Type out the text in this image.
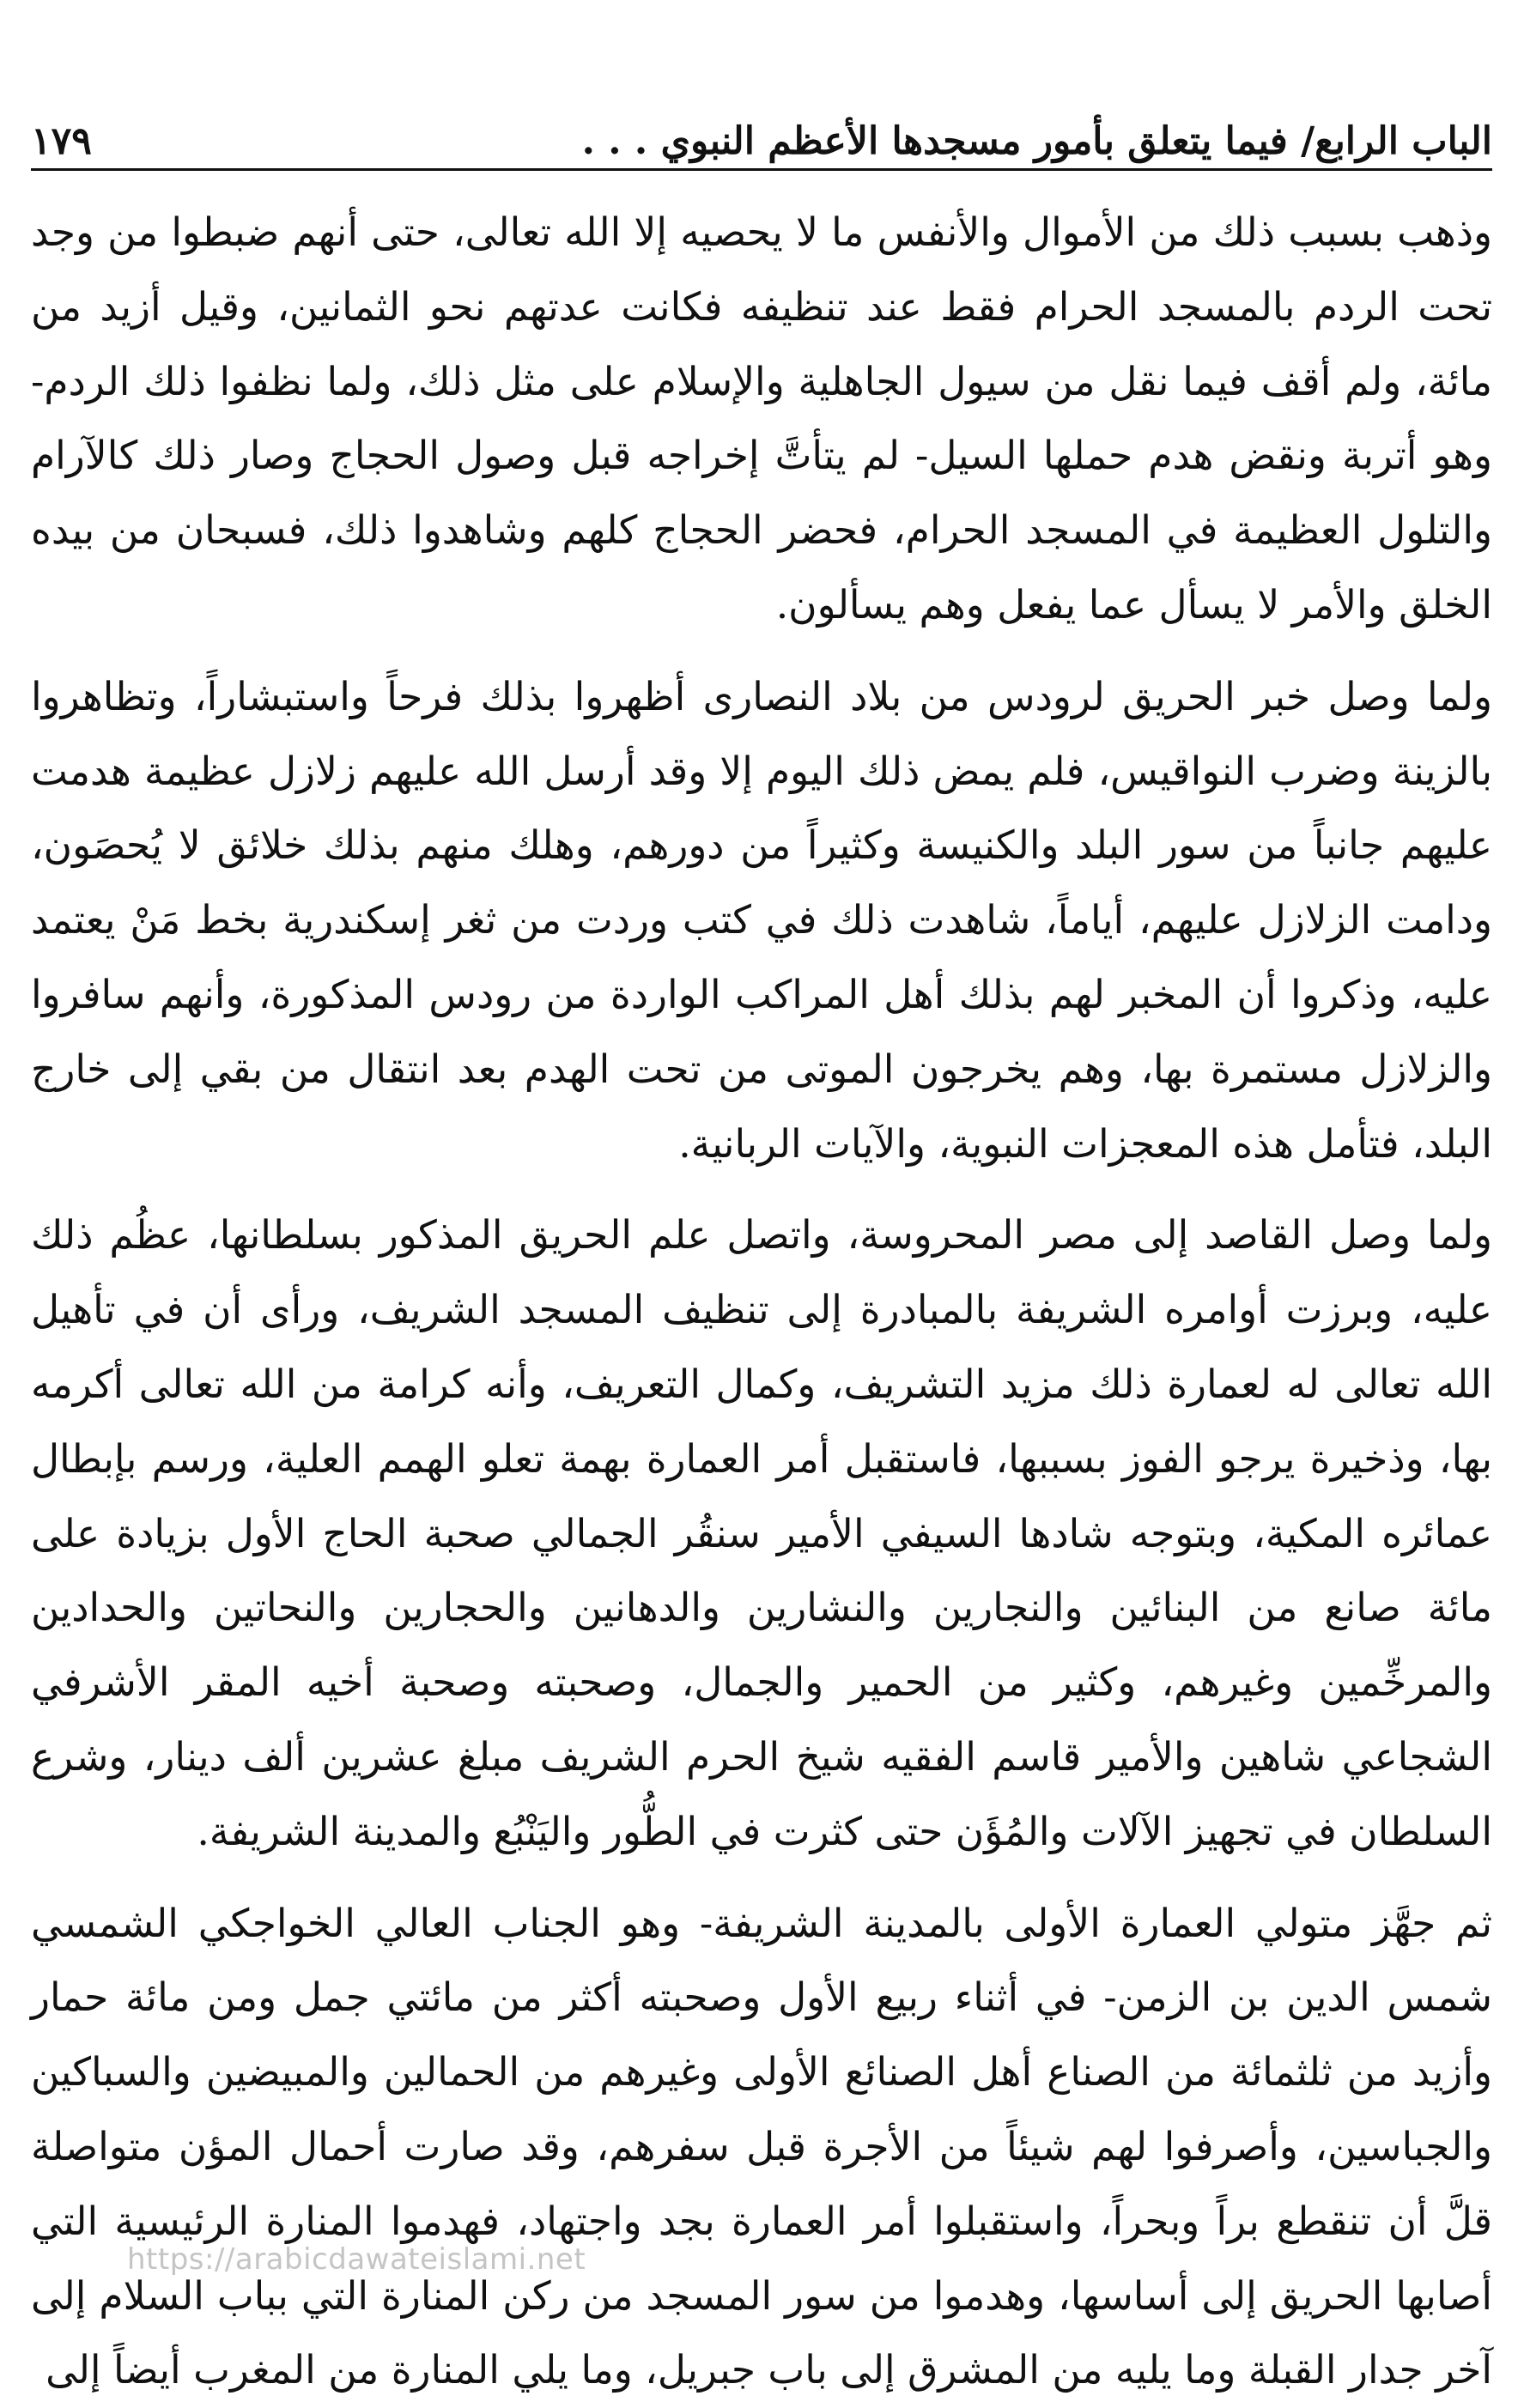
الباب الرابع/ فيما يتعلق بأمور مسجدها الأعظم النبوي . . .
١٧٩

وذهب بسبب ذلك من الأموال والأنفس ما لا يحصيه إلا الله تعالى، حتى أنهم ضبطوا من وجد تحت الردم بالمسجد الحرام فقط عند تنظيفه فكانت عدتهم نحو الثمانين، وقيل أزيد من مائة، ولم أقف فيما نقل من سيول الجاهلية والإسلام على مثل ذلك، ولما نظفوا ذلك الردم- وهو أتربة ونقض هدم حملها السيل- لم يتأتَّ إخراجه قبل وصول الحجاج وصار ذلك كالآرام والتلول العظيمة في المسجد الحرام، فحضر الحجاج كلهم وشاهدوا ذلك، فسبحان من بيده الخلق والأمر لا يسأل عما يفعل وهم يسألون.

ولما وصل خبر الحريق لرودس من بلاد النصارى أظهروا بذلك فرحاً واستبشاراً، وتظاهروا بالزينة وضرب النواقيس، فلم يمض ذلك اليوم إلا وقد أرسل الله عليهم زلازل عظيمة هدمت عليهم جانباً من سور البلد والكنيسة وكثيراً من دورهم، وهلك منهم بذلك خلائق لا يُحصَون، ودامت الزلازل عليهم، أياماً، شاهدت ذلك في كتب وردت من ثغر إسكندرية بخط مَنْ يعتمد عليه، وذكروا أن المخبر لهم بذلك أهل المراكب الواردة من رودس المذكورة، وأنهم سافروا والزلازل مستمرة بها، وهم يخرجون الموتى من تحت الهدم بعد انتقال من بقي إلى خارج البلد، فتأمل هذه المعجزات النبوية، والآيات الربانية.

ولما وصل القاصد إلى مصر المحروسة، واتصل علم الحريق المذكور بسلطانها، عظُم ذلك عليه، وبرزت أوامره الشريفة بالمبادرة إلى تنظيف المسجد الشريف، ورأى أن في تأهيل الله تعالى له لعمارة ذلك مزيد التشريف، وكمال التعريف، وأنه كرامة من الله تعالى أكرمه بها، وذخيرة يرجو الفوز بسببها، فاستقبل أمر العمارة بهمة تعلو الهمم العلية، ورسم بإبطال عمائره المكية، وبتوجه شادها السيفي الأمير سنقُر الجمالي صحبة الحاج الأول بزيادة على مائة صانع من البنائين والنجارين والنشارين والدهانين والحجارين والنحاتين والحدادين والمرخِّمين وغيرهم، وكثير من الحمير والجمال، وصحبته وصحبة أخيه المقر الأشرفي الشجاعي شاهين والأمير قاسم الفقيه شيخ الحرم الشريف مبلغ عشرين ألف دينار، وشرع السلطان في تجهيز الآلات والمُؤَن حتى كثرت في الطُّور واليَنْبُع والمدينة الشريفة.

ثم جهَّز متولي العمارة الأولى بالمدينة الشريفة- وهو الجناب العالي الخواجكي الشمسي شمس الدين بن الزمن- في أثناء ربيع الأول وصحبته أكثر من مائتي جمل ومن مائة حمار وأزيد من ثلثمائة من الصناع أهل الصنائع الأولى وغيرهم من الحمالين والمبيضين والسباكين والجباسين، وأصرفوا لهم شيئاً من الأجرة قبل سفرهم، وقد صارت أحمال المؤن متواصلة قلَّ أن تنقطع براً وبحراً، واستقبلوا أمر العمارة بجد واجتهاد، فهدموا المنارة الرئيسية التي أصابها الحريق إلى أساسها، وهدموا من سور المسجد من ركن المنارة التي بباب السلام إلى آخر جدار القبلة وما يليه من المشرق إلى باب جبريل، وما يلي المنارة من المغرب أيضاً إلى

https://arabicdawateislami.net
